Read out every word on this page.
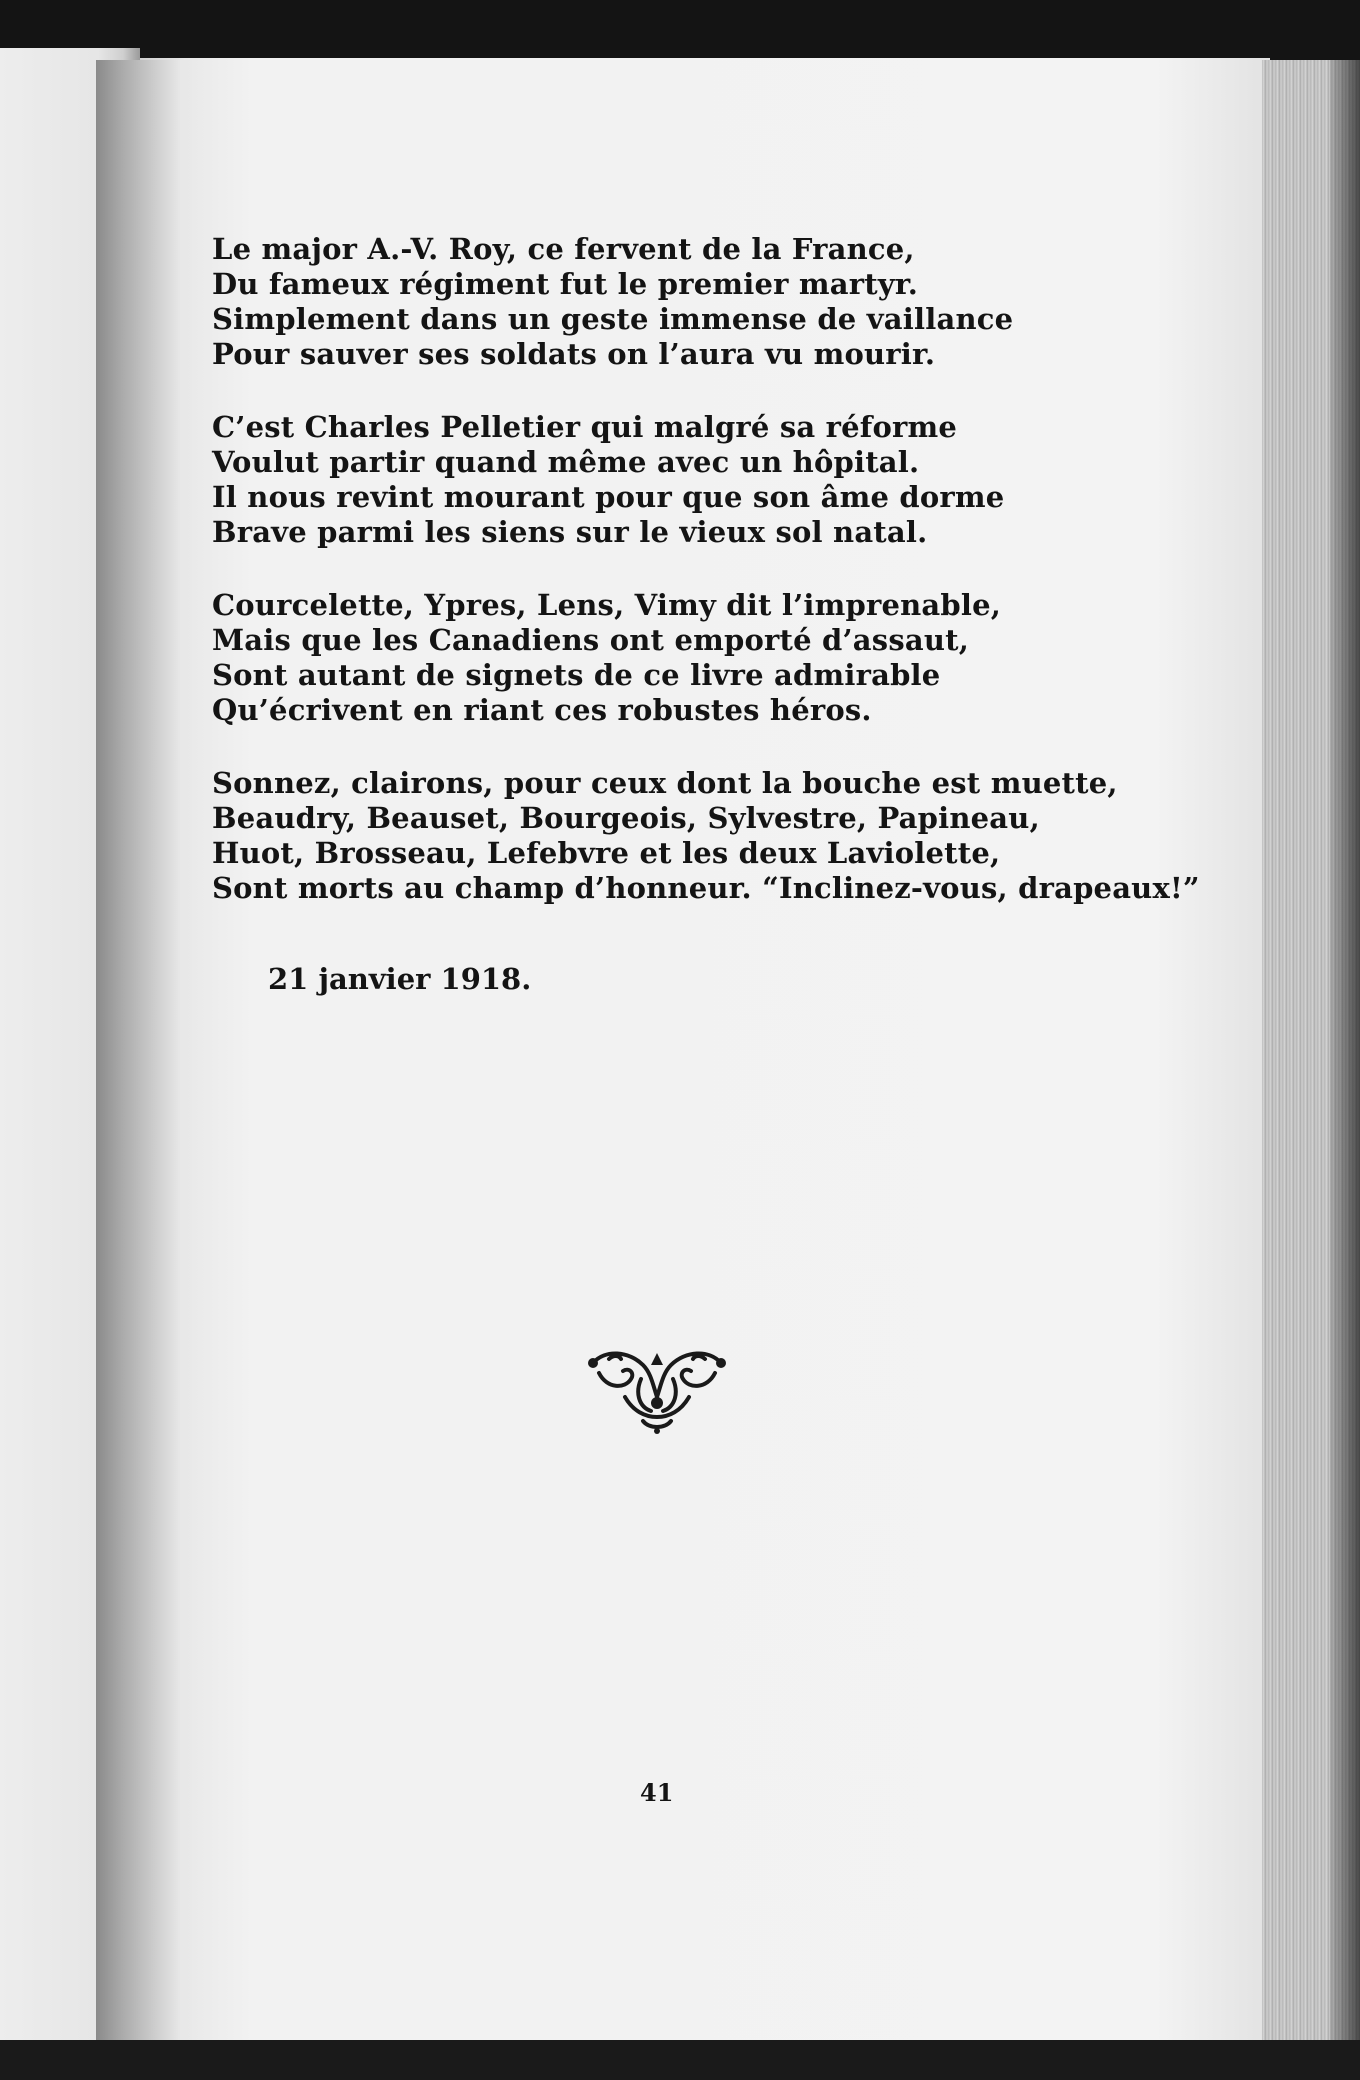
Le major A.-V. Roy, ce fervent de la France,
Du fameux régiment fut le premier martyr.
Simplement dans un geste immense de vaillance
Pour sauver ses soldats on l’aura vu mourir.
C’est Charles Pelletier qui malgré sa réforme
Voulut partir quand même avec un hôpital.
Il nous revint mourant pour que son âme dorme
Brave parmi les siens sur le vieux sol natal.
Courcelette, Ypres, Lens, Vimy dit l’imprenable,
Mais que les Canadiens ont emporté d’assaut,
Sont autant de signets de ce livre admirable
Qu’écrivent en riant ces robustes héros.
Sonnez, clairons, pour ceux dont la bouche est muette,
Beaudry, Beauset, Bourgeois, Sylvestre, Papineau,
Huot, Brosseau, Lefebvre et les deux Laviolette,
Sont morts au champ d’honneur. “Inclinez-vous, drapeaux!”
21 janvier 1918.
41
